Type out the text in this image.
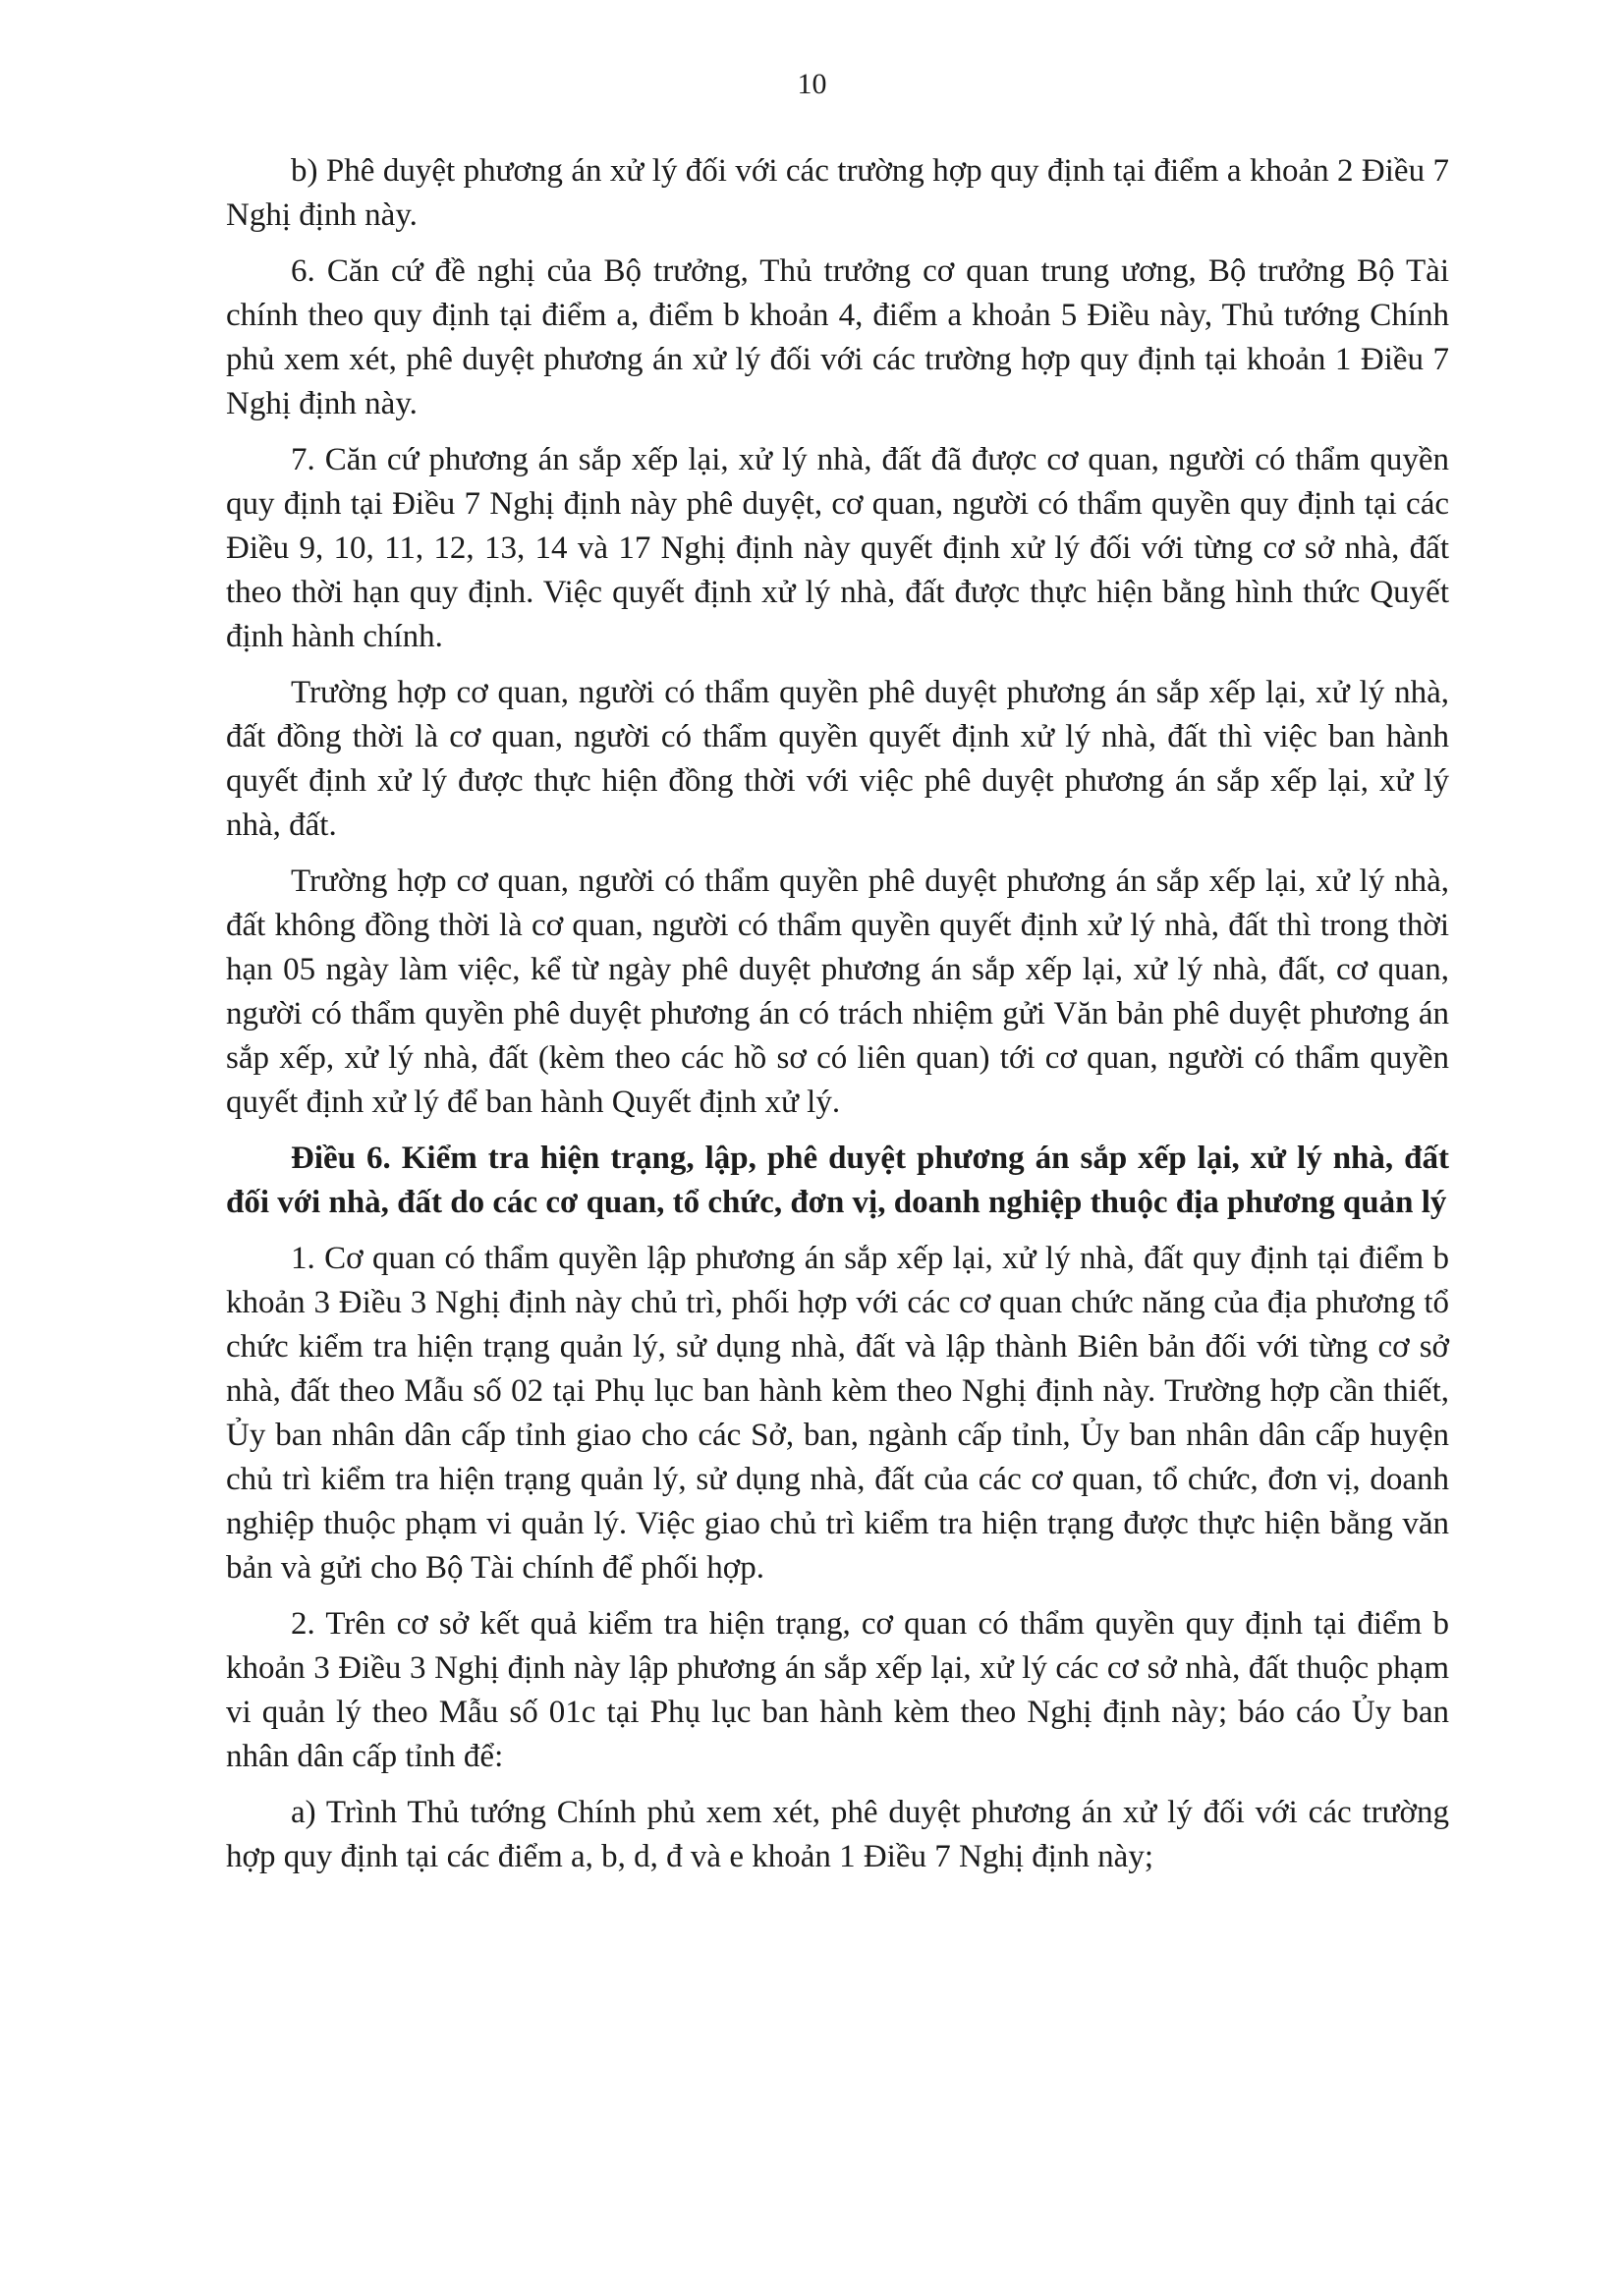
10

b) Phê duyệt phương án xử lý đối với các trường hợp quy định tại điểm a khoản 2 Điều 7 Nghị định này.

6. Căn cứ đề nghị của Bộ trưởng, Thủ trưởng cơ quan trung ương, Bộ trưởng Bộ Tài chính theo quy định tại điểm a, điểm b khoản 4, điểm a khoản 5 Điều này, Thủ tướng Chính phủ xem xét, phê duyệt phương án xử lý đối với các trường hợp quy định tại khoản 1 Điều 7 Nghị định này.

7. Căn cứ phương án sắp xếp lại, xử lý nhà, đất đã được cơ quan, người có thẩm quyền quy định tại Điều 7 Nghị định này phê duyệt, cơ quan, người có thẩm quyền quy định tại các Điều 9, 10, 11, 12, 13, 14 và 17 Nghị định này quyết định xử lý đối với từng cơ sở nhà, đất theo thời hạn quy định. Việc quyết định xử lý nhà, đất được thực hiện bằng hình thức Quyết định hành chính.

Trường hợp cơ quan, người có thẩm quyền phê duyệt phương án sắp xếp lại, xử lý nhà, đất đồng thời là cơ quan, người có thẩm quyền quyết định xử lý nhà, đất thì việc ban hành quyết định xử lý được thực hiện đồng thời với việc phê duyệt phương án sắp xếp lại, xử lý nhà, đất.

Trường hợp cơ quan, người có thẩm quyền phê duyệt phương án sắp xếp lại, xử lý nhà, đất không đồng thời là cơ quan, người có thẩm quyền quyết định xử lý nhà, đất thì trong thời hạn 05 ngày làm việc, kể từ ngày phê duyệt phương án sắp xếp lại, xử lý nhà, đất, cơ quan, người có thẩm quyền phê duyệt phương án có trách nhiệm gửi Văn bản phê duyệt phương án sắp xếp, xử lý nhà, đất (kèm theo các hồ sơ có liên quan) tới cơ quan, người có thẩm quyền quyết định xử lý để ban hành Quyết định xử lý.

Điều 6. Kiểm tra hiện trạng, lập, phê duyệt phương án sắp xếp lại, xử lý nhà, đất đối với nhà, đất do các cơ quan, tổ chức, đơn vị, doanh nghiệp thuộc địa phương quản lý

1. Cơ quan có thẩm quyền lập phương án sắp xếp lại, xử lý nhà, đất quy định tại điểm b khoản 3 Điều 3 Nghị định này chủ trì, phối hợp với các cơ quan chức năng của địa phương tổ chức kiểm tra hiện trạng quản lý, sử dụng nhà, đất và lập thành Biên bản đối với từng cơ sở nhà, đất theo Mẫu số 02 tại Phụ lục ban hành kèm theo Nghị định này. Trường hợp cần thiết, Ủy ban nhân dân cấp tỉnh giao cho các Sở, ban, ngành cấp tỉnh, Ủy ban nhân dân cấp huyện chủ trì kiểm tra hiện trạng quản lý, sử dụng nhà, đất của các cơ quan, tổ chức, đơn vị, doanh nghiệp thuộc phạm vi quản lý. Việc giao chủ trì kiểm tra hiện trạng được thực hiện bằng văn bản và gửi cho Bộ Tài chính để phối hợp.

2. Trên cơ sở kết quả kiểm tra hiện trạng, cơ quan có thẩm quyền quy định tại điểm b khoản 3 Điều 3 Nghị định này lập phương án sắp xếp lại, xử lý các cơ sở nhà, đất thuộc phạm vi quản lý theo Mẫu số 01c tại Phụ lục ban hành kèm theo Nghị định này; báo cáo Ủy ban nhân dân cấp tỉnh để:

a) Trình Thủ tướng Chính phủ xem xét, phê duyệt phương án xử lý đối với các trường hợp quy định tại các điểm a, b, d, đ và e khoản 1 Điều 7 Nghị định này;
